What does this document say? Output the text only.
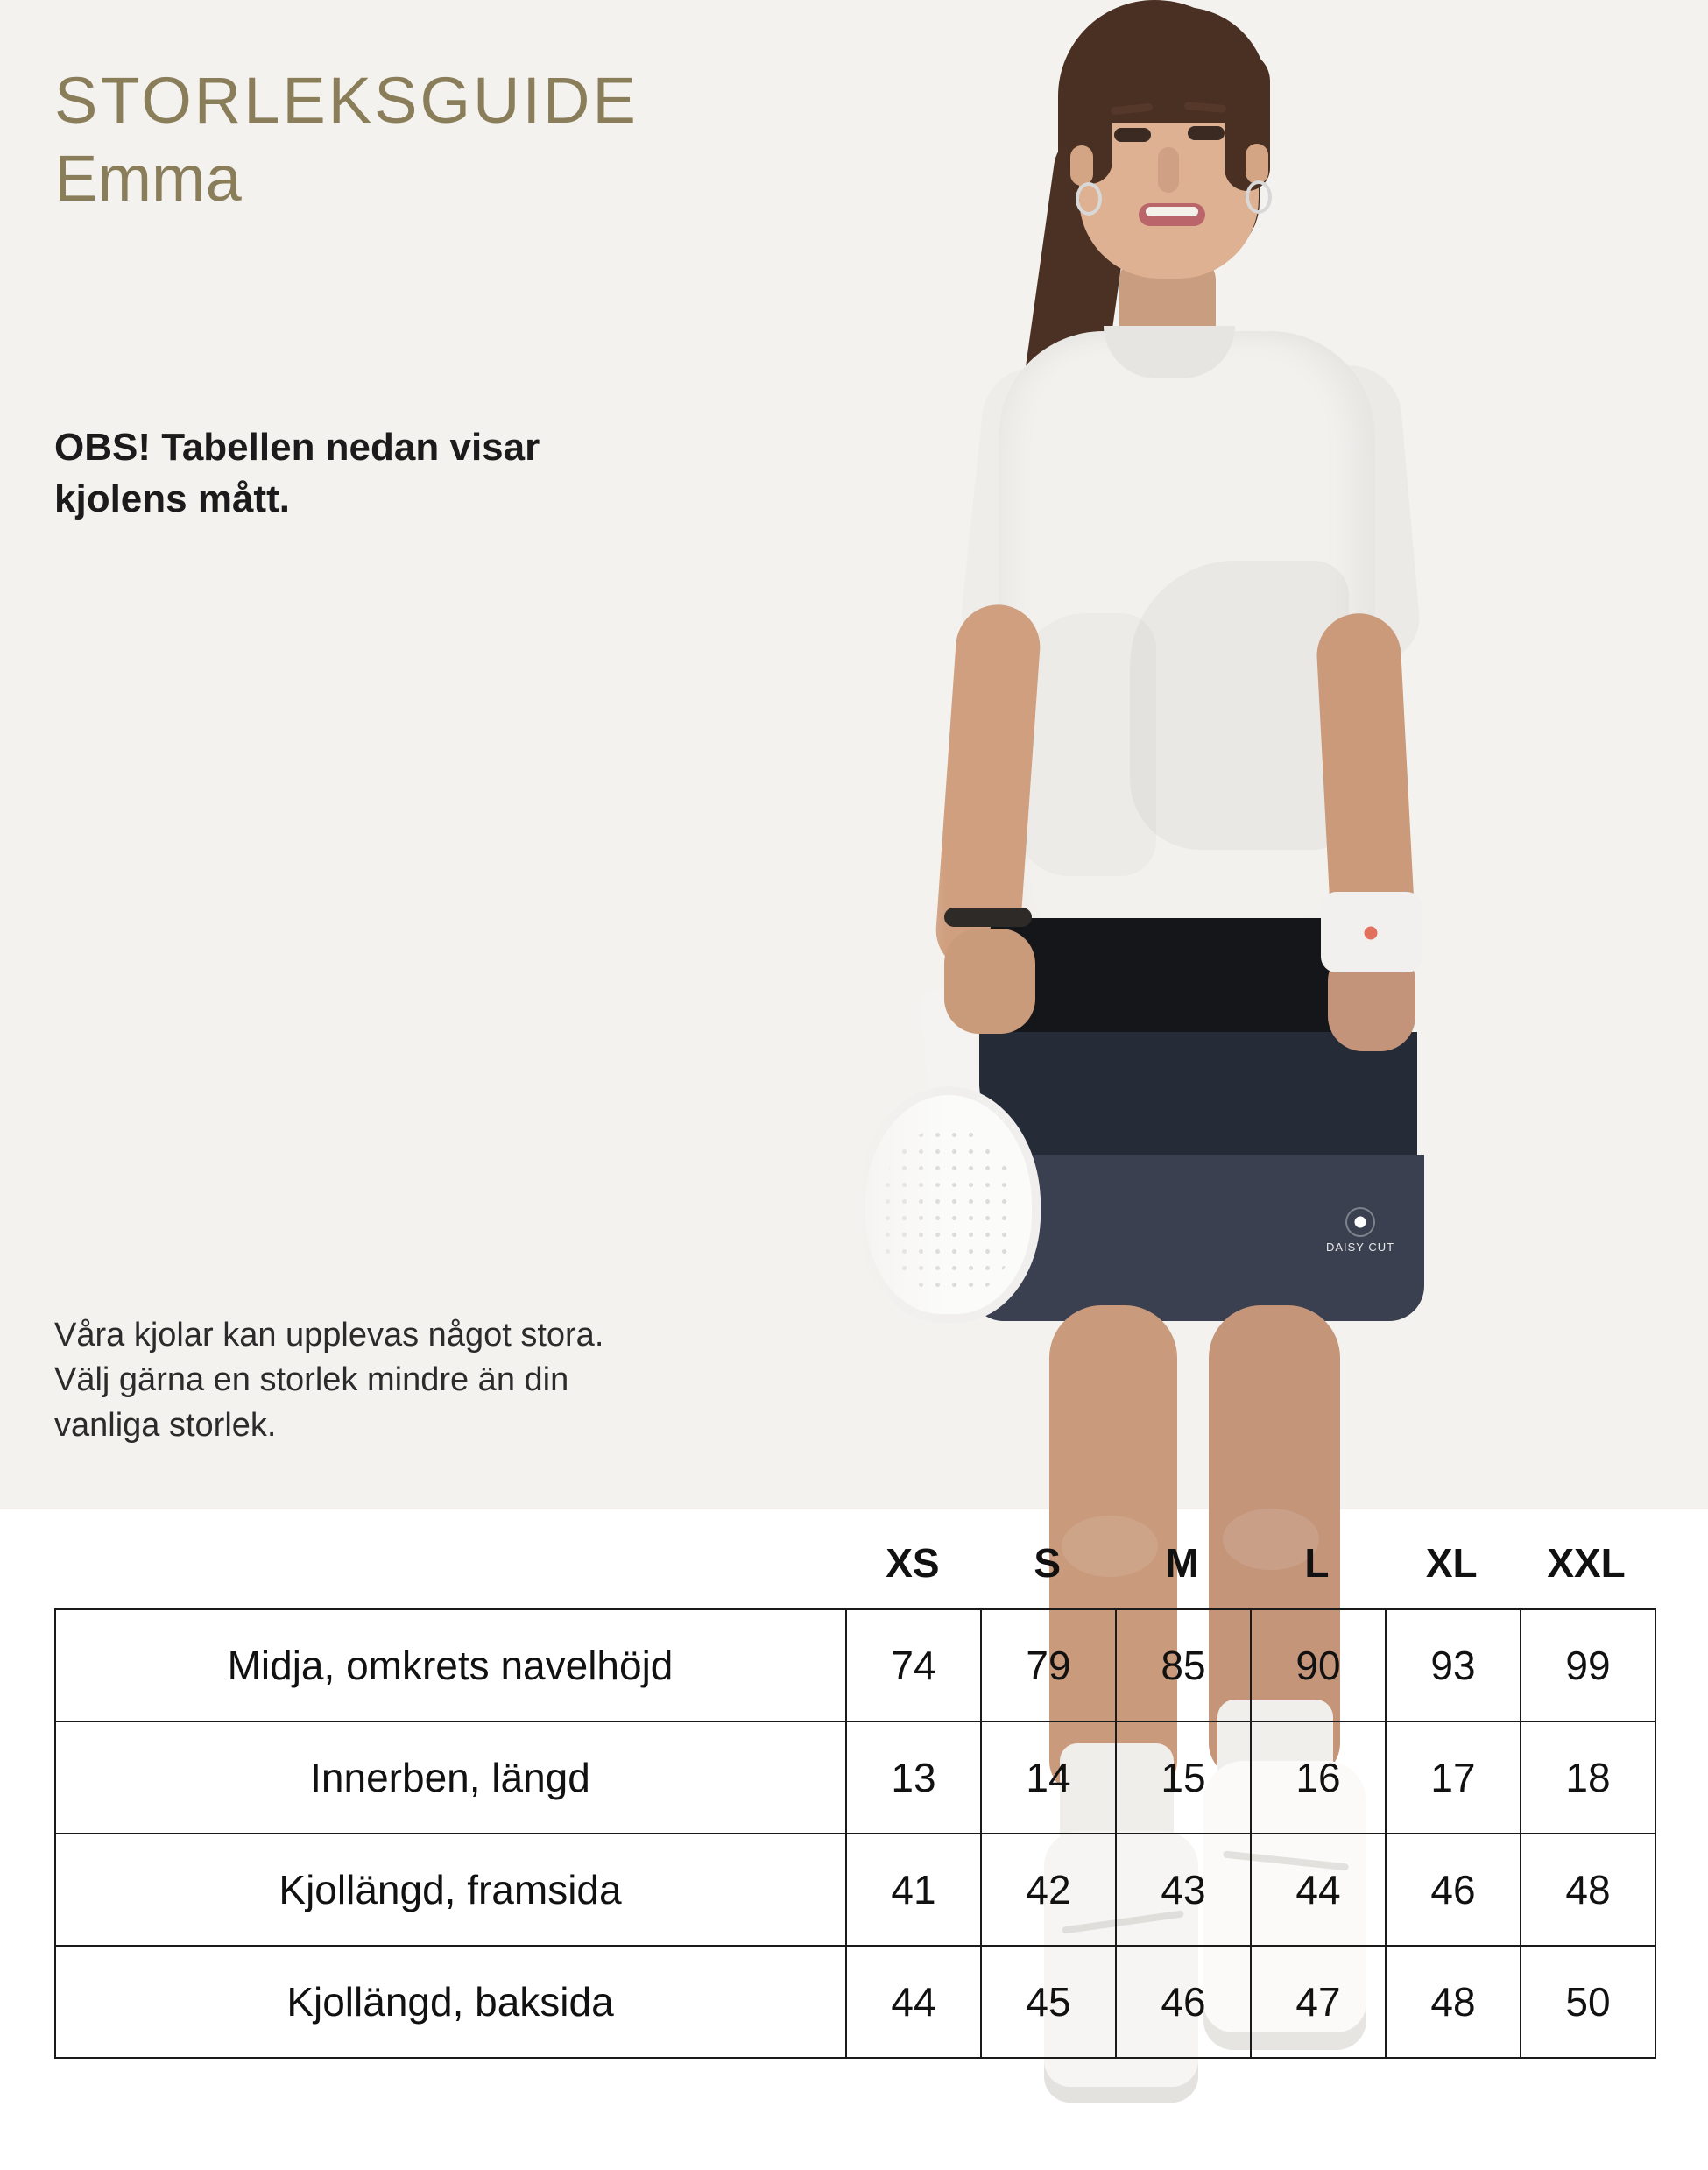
DAISY CUT
STORLEKSGUIDE
Emma
OBS! Tabellen nedan visar
kjolens mått.
Våra kjolar kan upplevas något stora.
Välj gärna en storlek mindre än din
vanliga storlek.
XS	S	M	L	XL	XXL
Midja, omkrets navelhöjd	74	79	85	90	93	99
Innerben, längd	13	14	15	16	17	18
Kjollängd, framsida	41	42	43	44	46	48
Kjollängd, baksida	44	45	46	47	48	50
